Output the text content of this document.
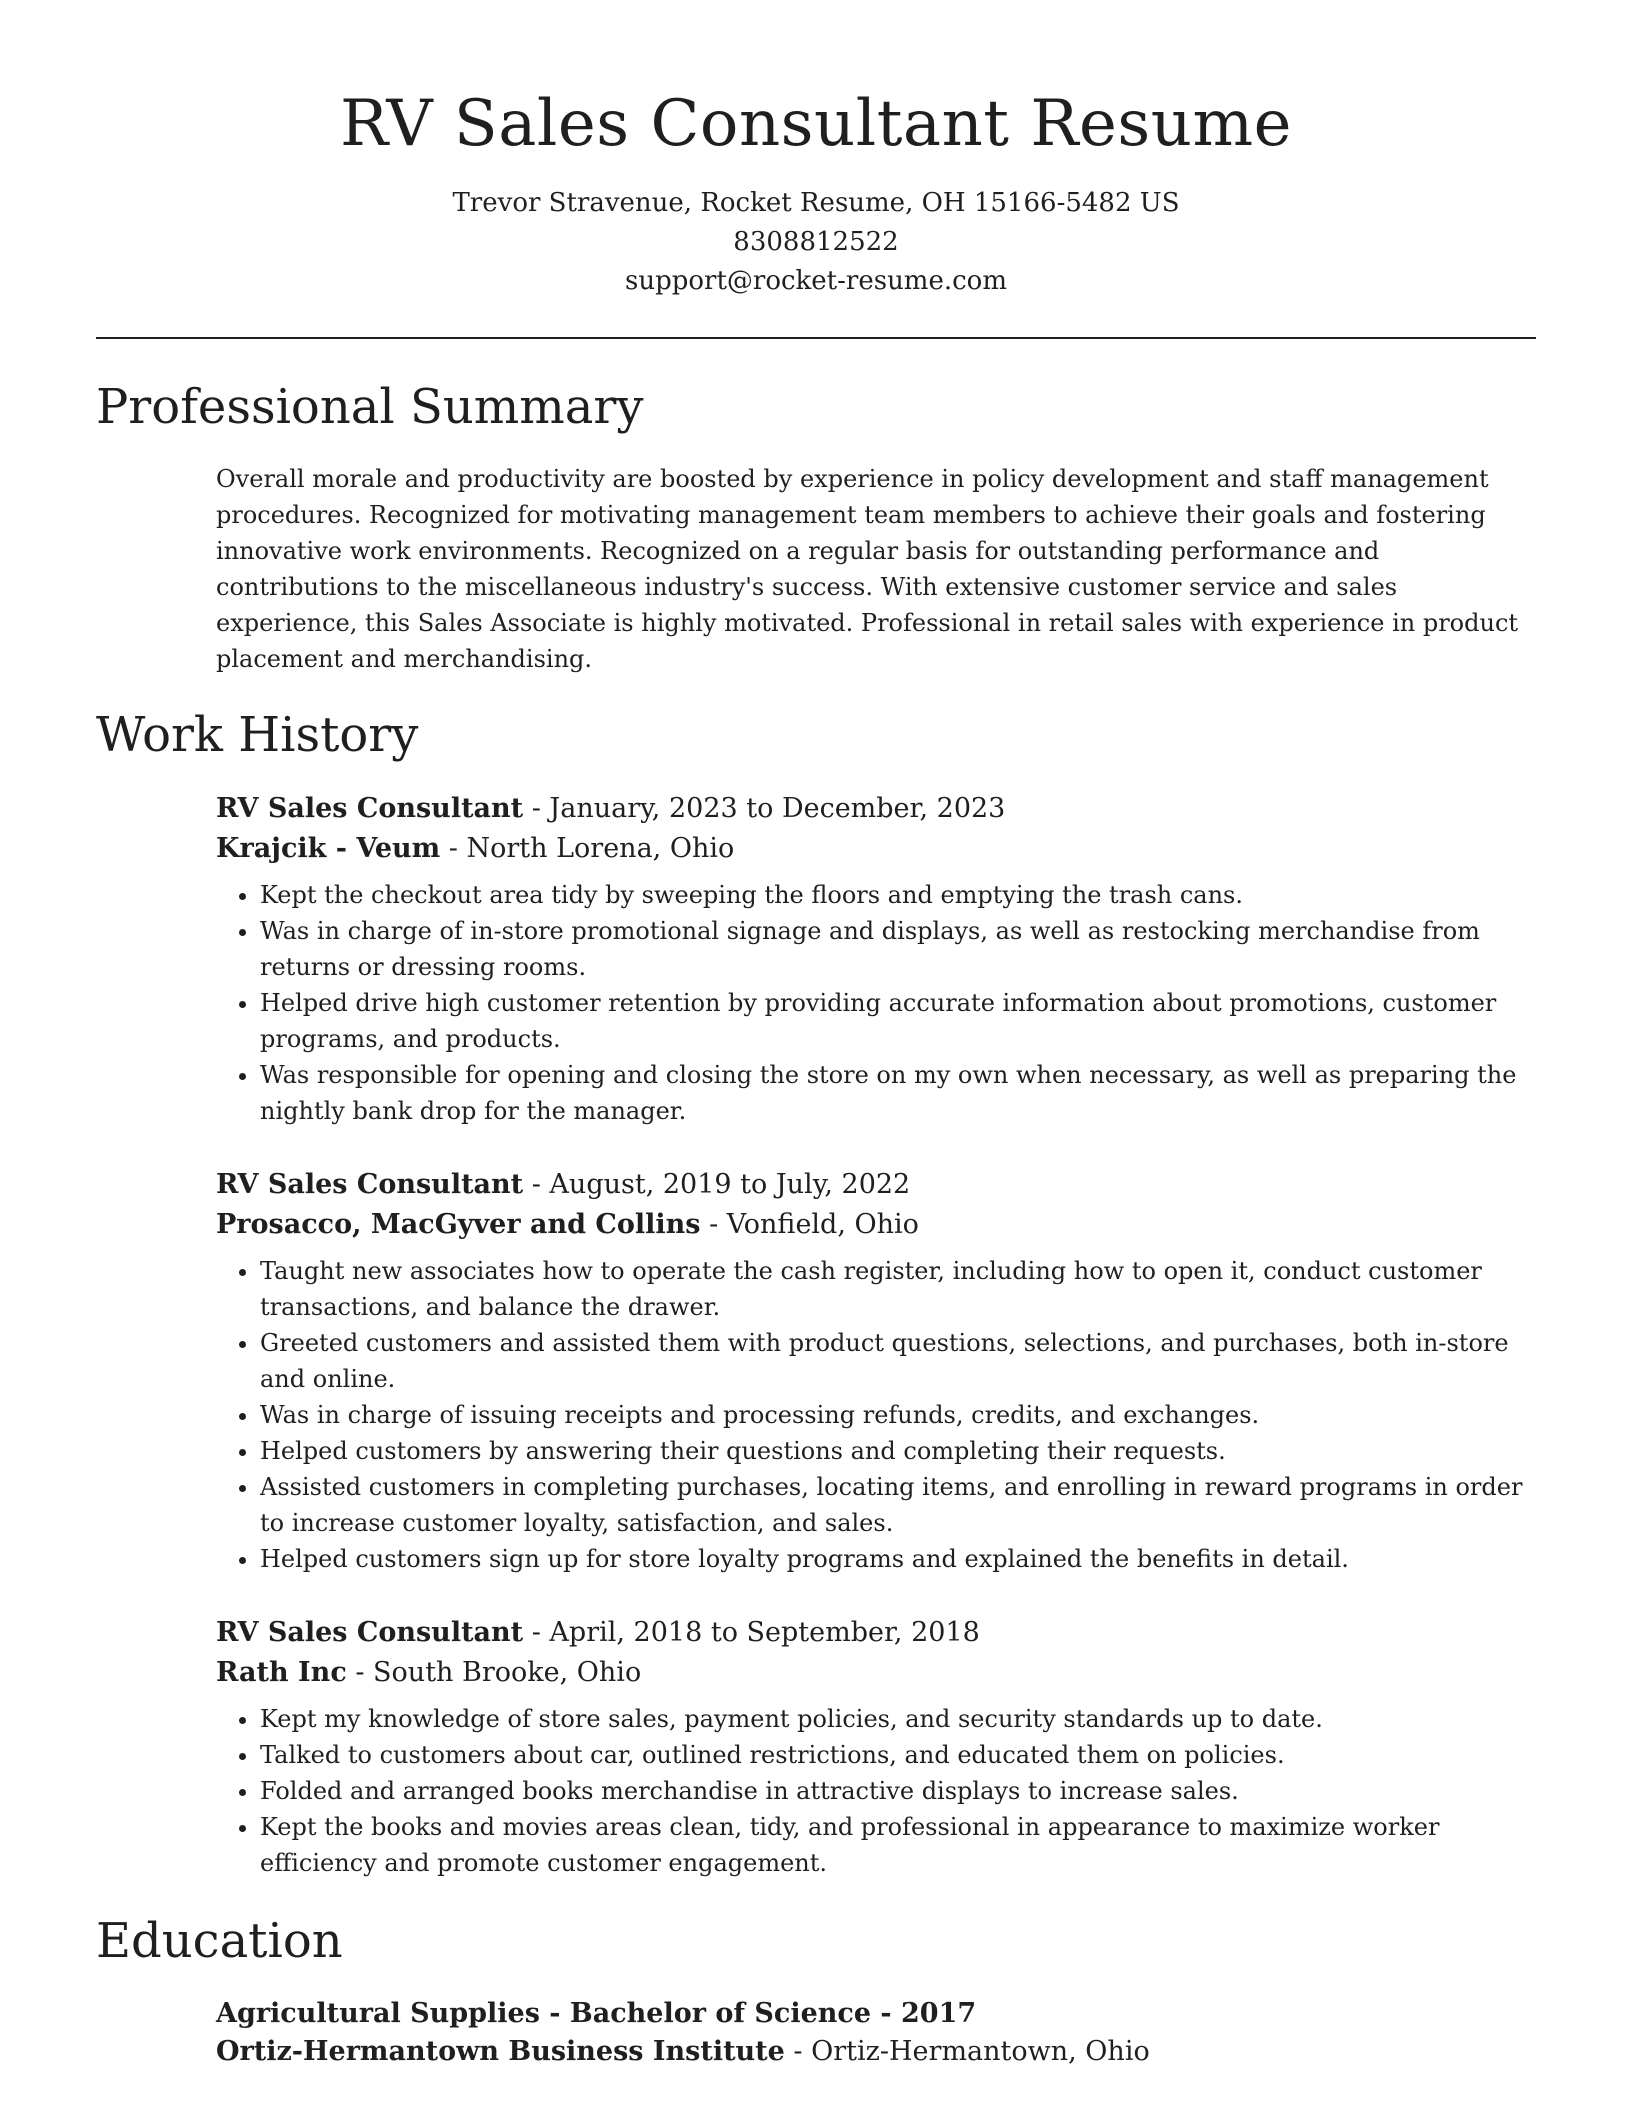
RV Sales Consultant Resume
Trevor Stravenue, Rocket Resume, OH 15166-5482 US
8308812522
support@rocket-resume.com
Professional Summary
Overall morale and productivity are boosted by experience in policy development and staff management procedures. Recognized for motivating management team members to achieve their goals and fostering innovative work environments. Recognized on a regular basis for outstanding performance and contributions to the miscellaneous industry's success. With extensive customer service and sales experience, this Sales Associate is highly motivated. Professional in retail sales with experience in product placement and merchandising.
Work History
RV Sales Consultant - January, 2023 to December, 2023
Krajcik - Veum - North Lorena, Ohio
• Kept the checkout area tidy by sweeping the floors and emptying the trash cans.
• Was in charge of in-store promotional signage and displays, as well as restocking merchandise from returns or dressing rooms.
• Helped drive high customer retention by providing accurate information about promotions, customer programs, and products.
• Was responsible for opening and closing the store on my own when necessary, as well as preparing the nightly bank drop for the manager.
RV Sales Consultant - August, 2019 to July, 2022
Prosacco, MacGyver and Collins - Vonfield, Ohio
• Taught new associates how to operate the cash register, including how to open it, conduct customer transactions, and balance the drawer.
• Greeted customers and assisted them with product questions, selections, and purchases, both in-store and online.
• Was in charge of issuing receipts and processing refunds, credits, and exchanges.
• Helped customers by answering their questions and completing their requests.
• Assisted customers in completing purchases, locating items, and enrolling in reward programs in order to increase customer loyalty, satisfaction, and sales.
• Helped customers sign up for store loyalty programs and explained the benefits in detail.
RV Sales Consultant - April, 2018 to September, 2018
Rath Inc - South Brooke, Ohio
• Kept my knowledge of store sales, payment policies, and security standards up to date.
• Talked to customers about car, outlined restrictions, and educated them on policies.
• Folded and arranged books merchandise in attractive displays to increase sales.
• Kept the books and movies areas clean, tidy, and professional in appearance to maximize worker efficiency and promote customer engagement.
Education
Agricultural Supplies - Bachelor of Science - 2017
Ortiz-Hermantown Business Institute - Ortiz-Hermantown, Ohio
